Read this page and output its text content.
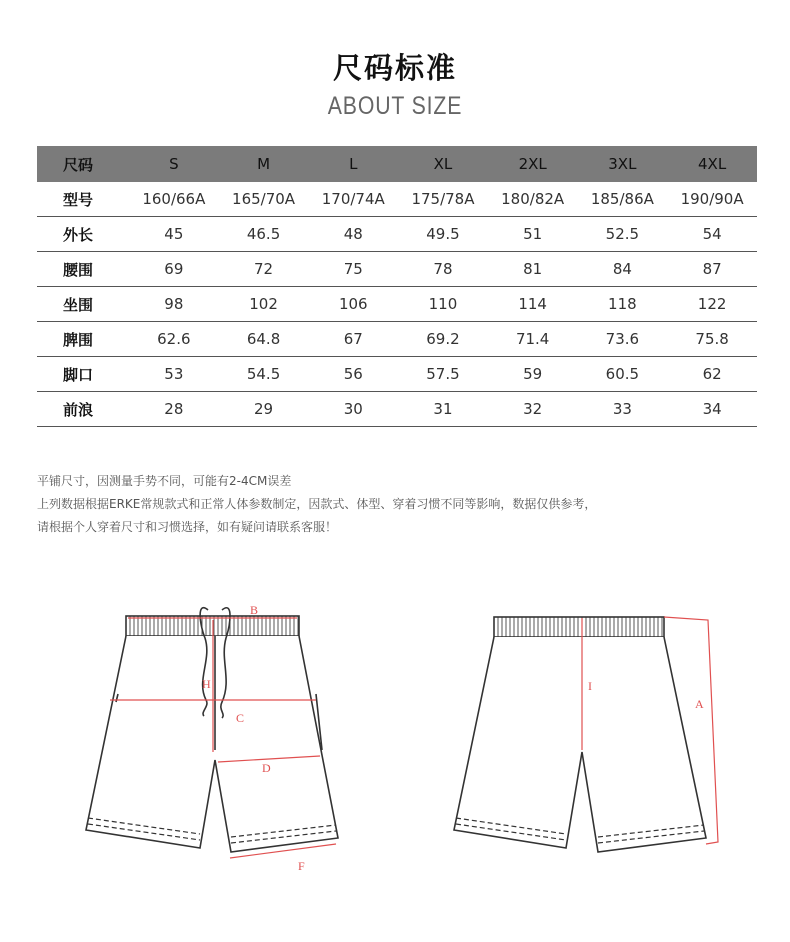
尺码标准
ABOUT SIZE
尺码	S	M	L	XL	2XL	3XL	4XL
型号	160/66A	165/70A	170/74A	175/78A	180/82A	185/86A	190/90A
外长	45	46.5	48	49.5	51	52.5	54
腰围	69	72	75	78	81	84	87
坐围	98	102	106	110	114	118	122
脾围	62.6	64.8	67	69.2	71.4	73.6	75.8
脚口	53	54.5	56	57.5	59	60.5	62
前浪	28	29	30	31	32	33	34
平铺尺寸，因测量手势不同，可能有2-4CM误差
上列数据根据ERKE常规款式和正常人体参数制定，因款式、体型、穿着习惯不同等影响，数据仅供参考，
请根据个人穿着尺寸和习惯选择，如有疑问请联系客服！
B
H
C
D
F
I
A
